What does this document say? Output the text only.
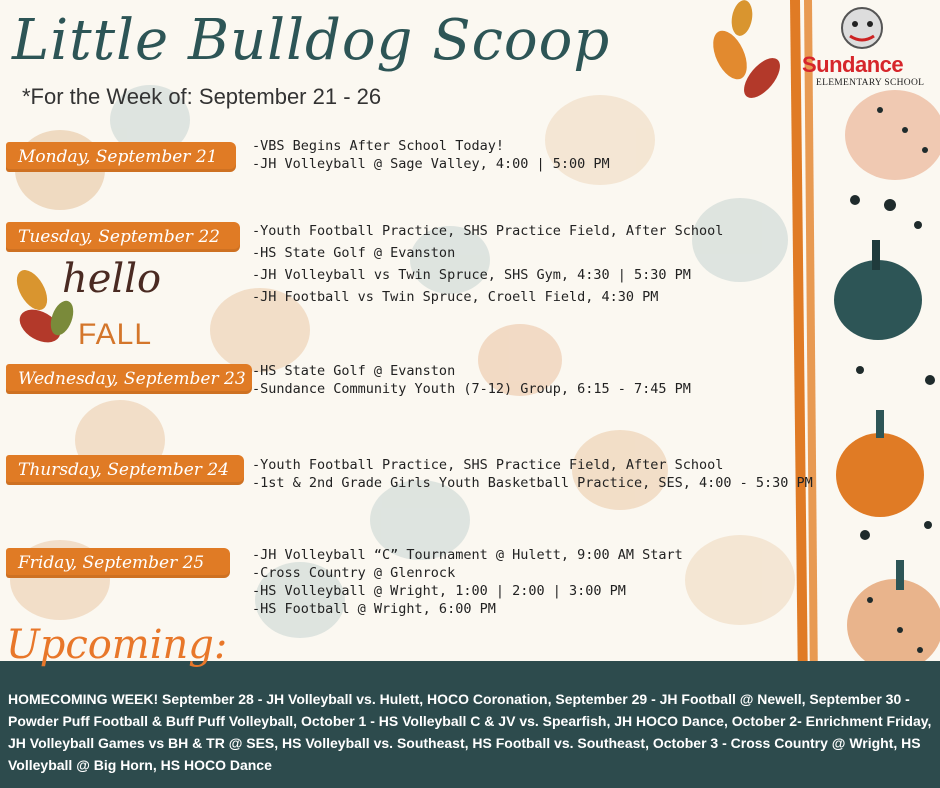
Little Bulldog Scoop
*For the Week of: September 21 - 26
Sundance
ELEMENTARY SCHOOL
hello
FALL
Monday, September 21
-VBS Begins After School Today!
-JH Volleyball @ Sage Valley, 4:00 | 5:00 PM
Tuesday, September 22	-Youth Football Practice, SHS Practice Field, After School
-HS State Golf @ Evanston
-JH Volleyball vs Twin Spruce, SHS Gym, 4:30 | 5:30 PM
-JH Football vs Twin Spruce, Croell Field, 4:30 PM
Wednesday, September 23 -HS State Golf @ Evanston
-Sundance Community Youth (7-12) Group, 6:15 - 7:45 PM
Thursday, September 24	-Youth Football Practice, SHS Practice Field, After School
-1st & 2nd Grade Girls Youth Basketball Practice, SES, 4:00 - 5:30 PM
Friday, September 25	-JH Volleyball “C” Tournament @ Hulett, 9:00 AM Start
-Cross Country @ Glenrock
-HS Volleyball @ Wright, 1:00 | 2:00 | 3:00 PM
-HS Football @ Wright, 6:00 PM
Upcoming:
HOMECOMING WEEK! September 28 - JH Volleyball vs. Hulett, HOCO Coronation, September 29 - JH Football @ Newell, September 30 - Powder Puff Football & Buff Puff Volleyball, October 1 - HS Volleyball C & JV vs. Spearfish, JH HOCO Dance, October 2- Enrichment Friday, JH Volleyball Games vs BH & TR @ SES, HS Volleyball vs. Southeast, HS Football vs. Southeast, October 3 - Cross Country @ Wright, HS Volleyball @ Big Horn, HS HOCO Dance
